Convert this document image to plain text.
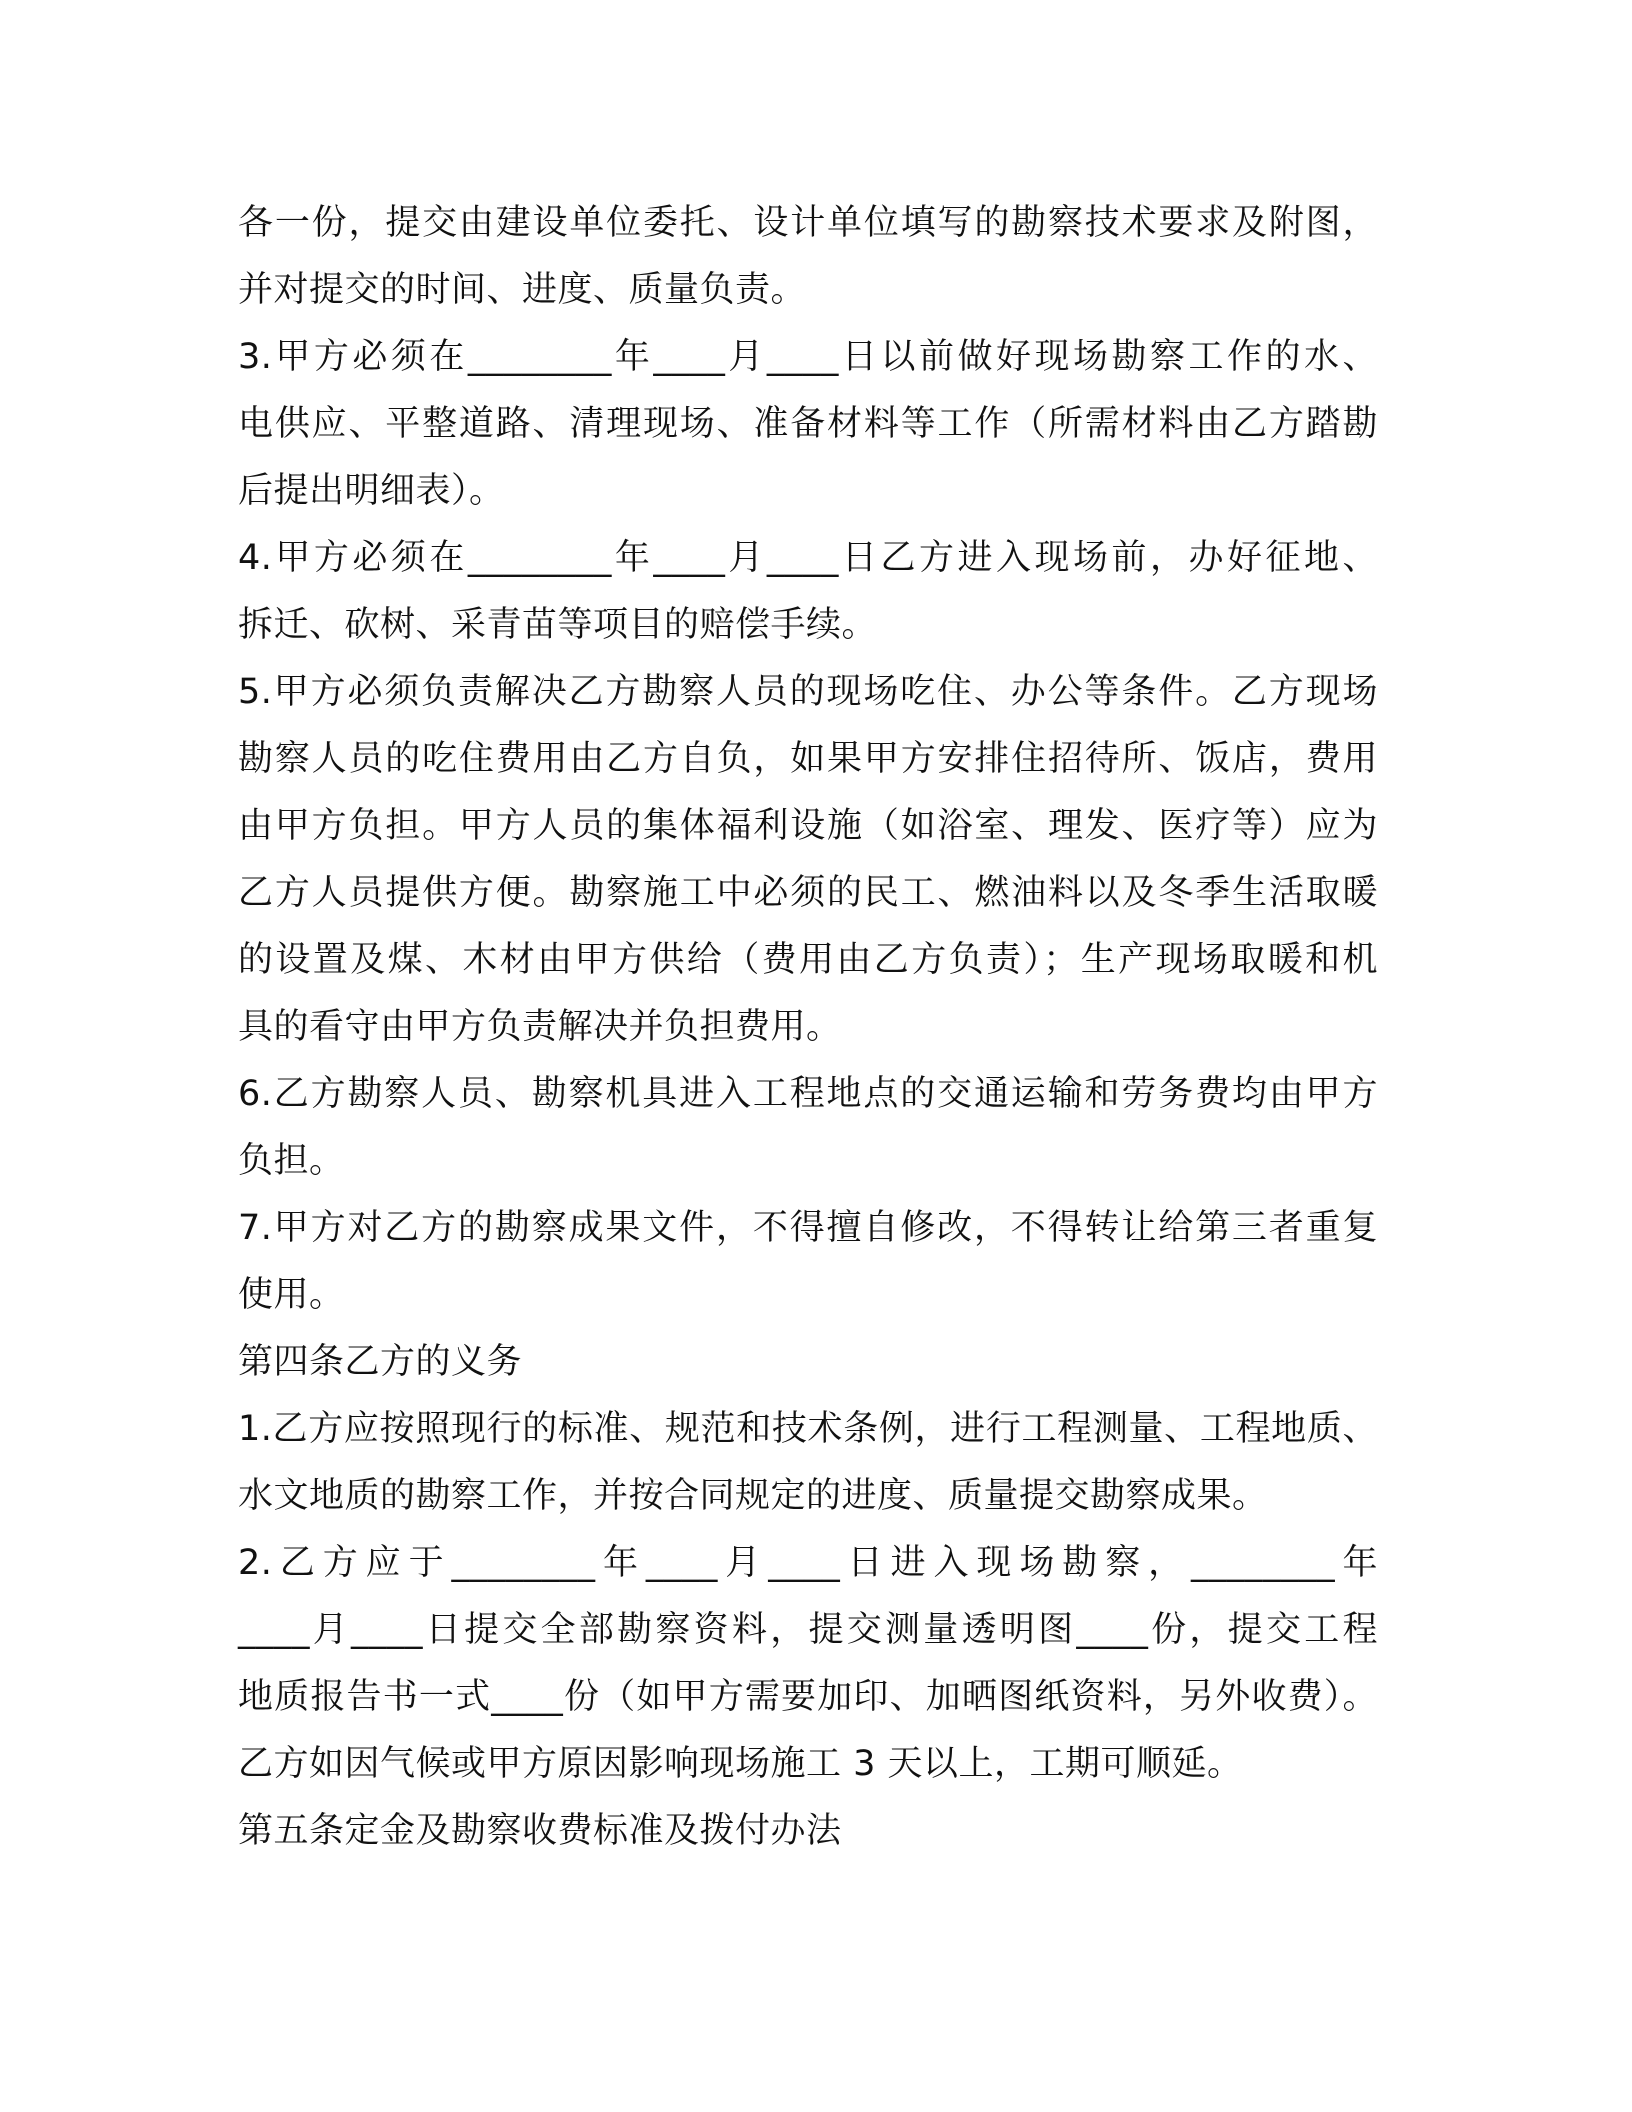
各一份，提交由建设单位委托、设计单位填写的勘察技术要求及附图，
并对提交的时间、进度、质量负责。
3.甲方必须在________年____月____日以前做好现场勘察工作的水、
电供应、平整道路、清理现场、准备材料等工作（所需材料由乙方踏勘
后提出明细表）。
4.甲方必须在________年____月____日乙方进入现场前，办好征地、
拆迁、砍树、采青苗等项目的赔偿手续。
5.甲方必须负责解决乙方勘察人员的现场吃住、办公等条件。乙方现场
勘察人员的吃住费用由乙方自负，如果甲方安排住招待所、饭店，费用
由甲方负担。甲方人员的集体福利设施（如浴室、理发、医疗等）应为
乙方人员提供方便。勘察施工中必须的民工、燃油料以及冬季生活取暖
的设置及煤、木材由甲方供给（费用由乙方负责）；生产现场取暖和机
具的看守由甲方负责解决并负担费用。
6.乙方勘察人员、勘察机具进入工程地点的交通运输和劳务费均由甲方
负担。
7.甲方对乙方的勘察成果文件，不得擅自修改，不得转让给第三者重复
使用。
第四条乙方的义务
1.乙方应按照现行的标准、规范和技术条例，进行工程测量、工程地质、
水文地质的勘察工作，并按合同规定的进度、质量提交勘察成果。
2.乙方应于________年____月____日进入现场勘察，________年
____月____日提交全部勘察资料，提交测量透明图____份，提交工程
地质报告书一式____份（如甲方需要加印、加晒图纸资料，另外收费）。
乙方如因气候或甲方原因影响现场施工 3 天以上，工期可顺延。
第五条定金及勘察收费标准及拨付办法
